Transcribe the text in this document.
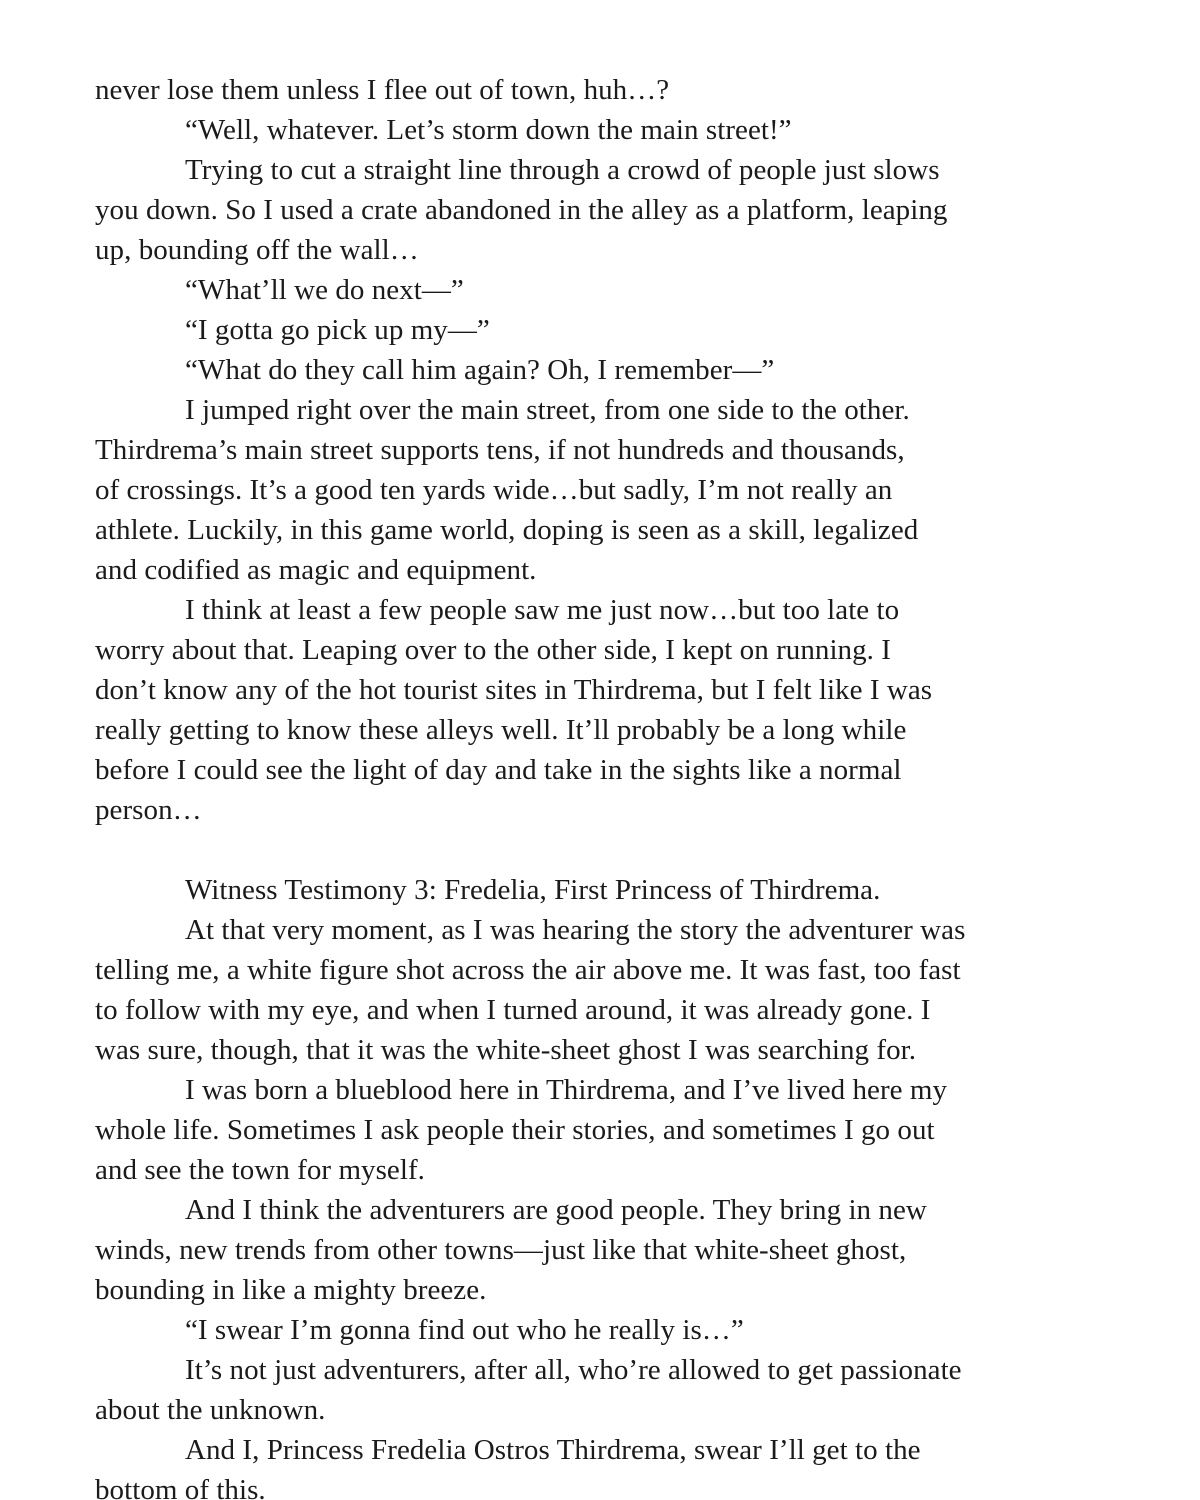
never lose them unless I flee out of town, huh…?
“Well, whatever. Let’s storm down the main street!”
Trying to cut a straight line through a crowd of people just slows
you down. So I used a crate abandoned in the alley as a platform, leaping
up, bounding off the wall…
“What’ll we do next—”
“I gotta go pick up my—”
“What do they call him again? Oh, I remember—”
I jumped right over the main street, from one side to the other.
Thirdrema’s main street supports tens, if not hundreds and thousands,
of crossings. It’s a good ten yards wide…but sadly, I’m not really an
athlete. Luckily, in this game world, doping is seen as a skill, legalized
and codified as magic and equipment.
I think at least a few people saw me just now…but too late to
worry about that. Leaping over to the other side, I kept on running. I
don’t know any of the hot tourist sites in Thirdrema, but I felt like I was
really getting to know these alleys well. It’ll probably be a long while
before I could see the light of day and take in the sights like a normal
person…
Witness Testimony 3: Fredelia, First Princess of Thirdrema.
At that very moment, as I was hearing the story the adventurer was
telling me, a white figure shot across the air above me. It was fast, too fast
to follow with my eye, and when I turned around, it was already gone. I
was sure, though, that it was the white-sheet ghost I was searching for.
I was born a blueblood here in Thirdrema, and I’ve lived here my
whole life. Sometimes I ask people their stories, and sometimes I go out
and see the town for myself.
And I think the adventurers are good people. They bring in new
winds, new trends from other towns—just like that white-sheet ghost,
bounding in like a mighty breeze.
“I swear I’m gonna find out who he really is…”
It’s not just adventurers, after all, who’re allowed to get passionate
about the unknown.
And I, Princess Fredelia Ostros Thirdrema, swear I’ll get to the
bottom of this.
